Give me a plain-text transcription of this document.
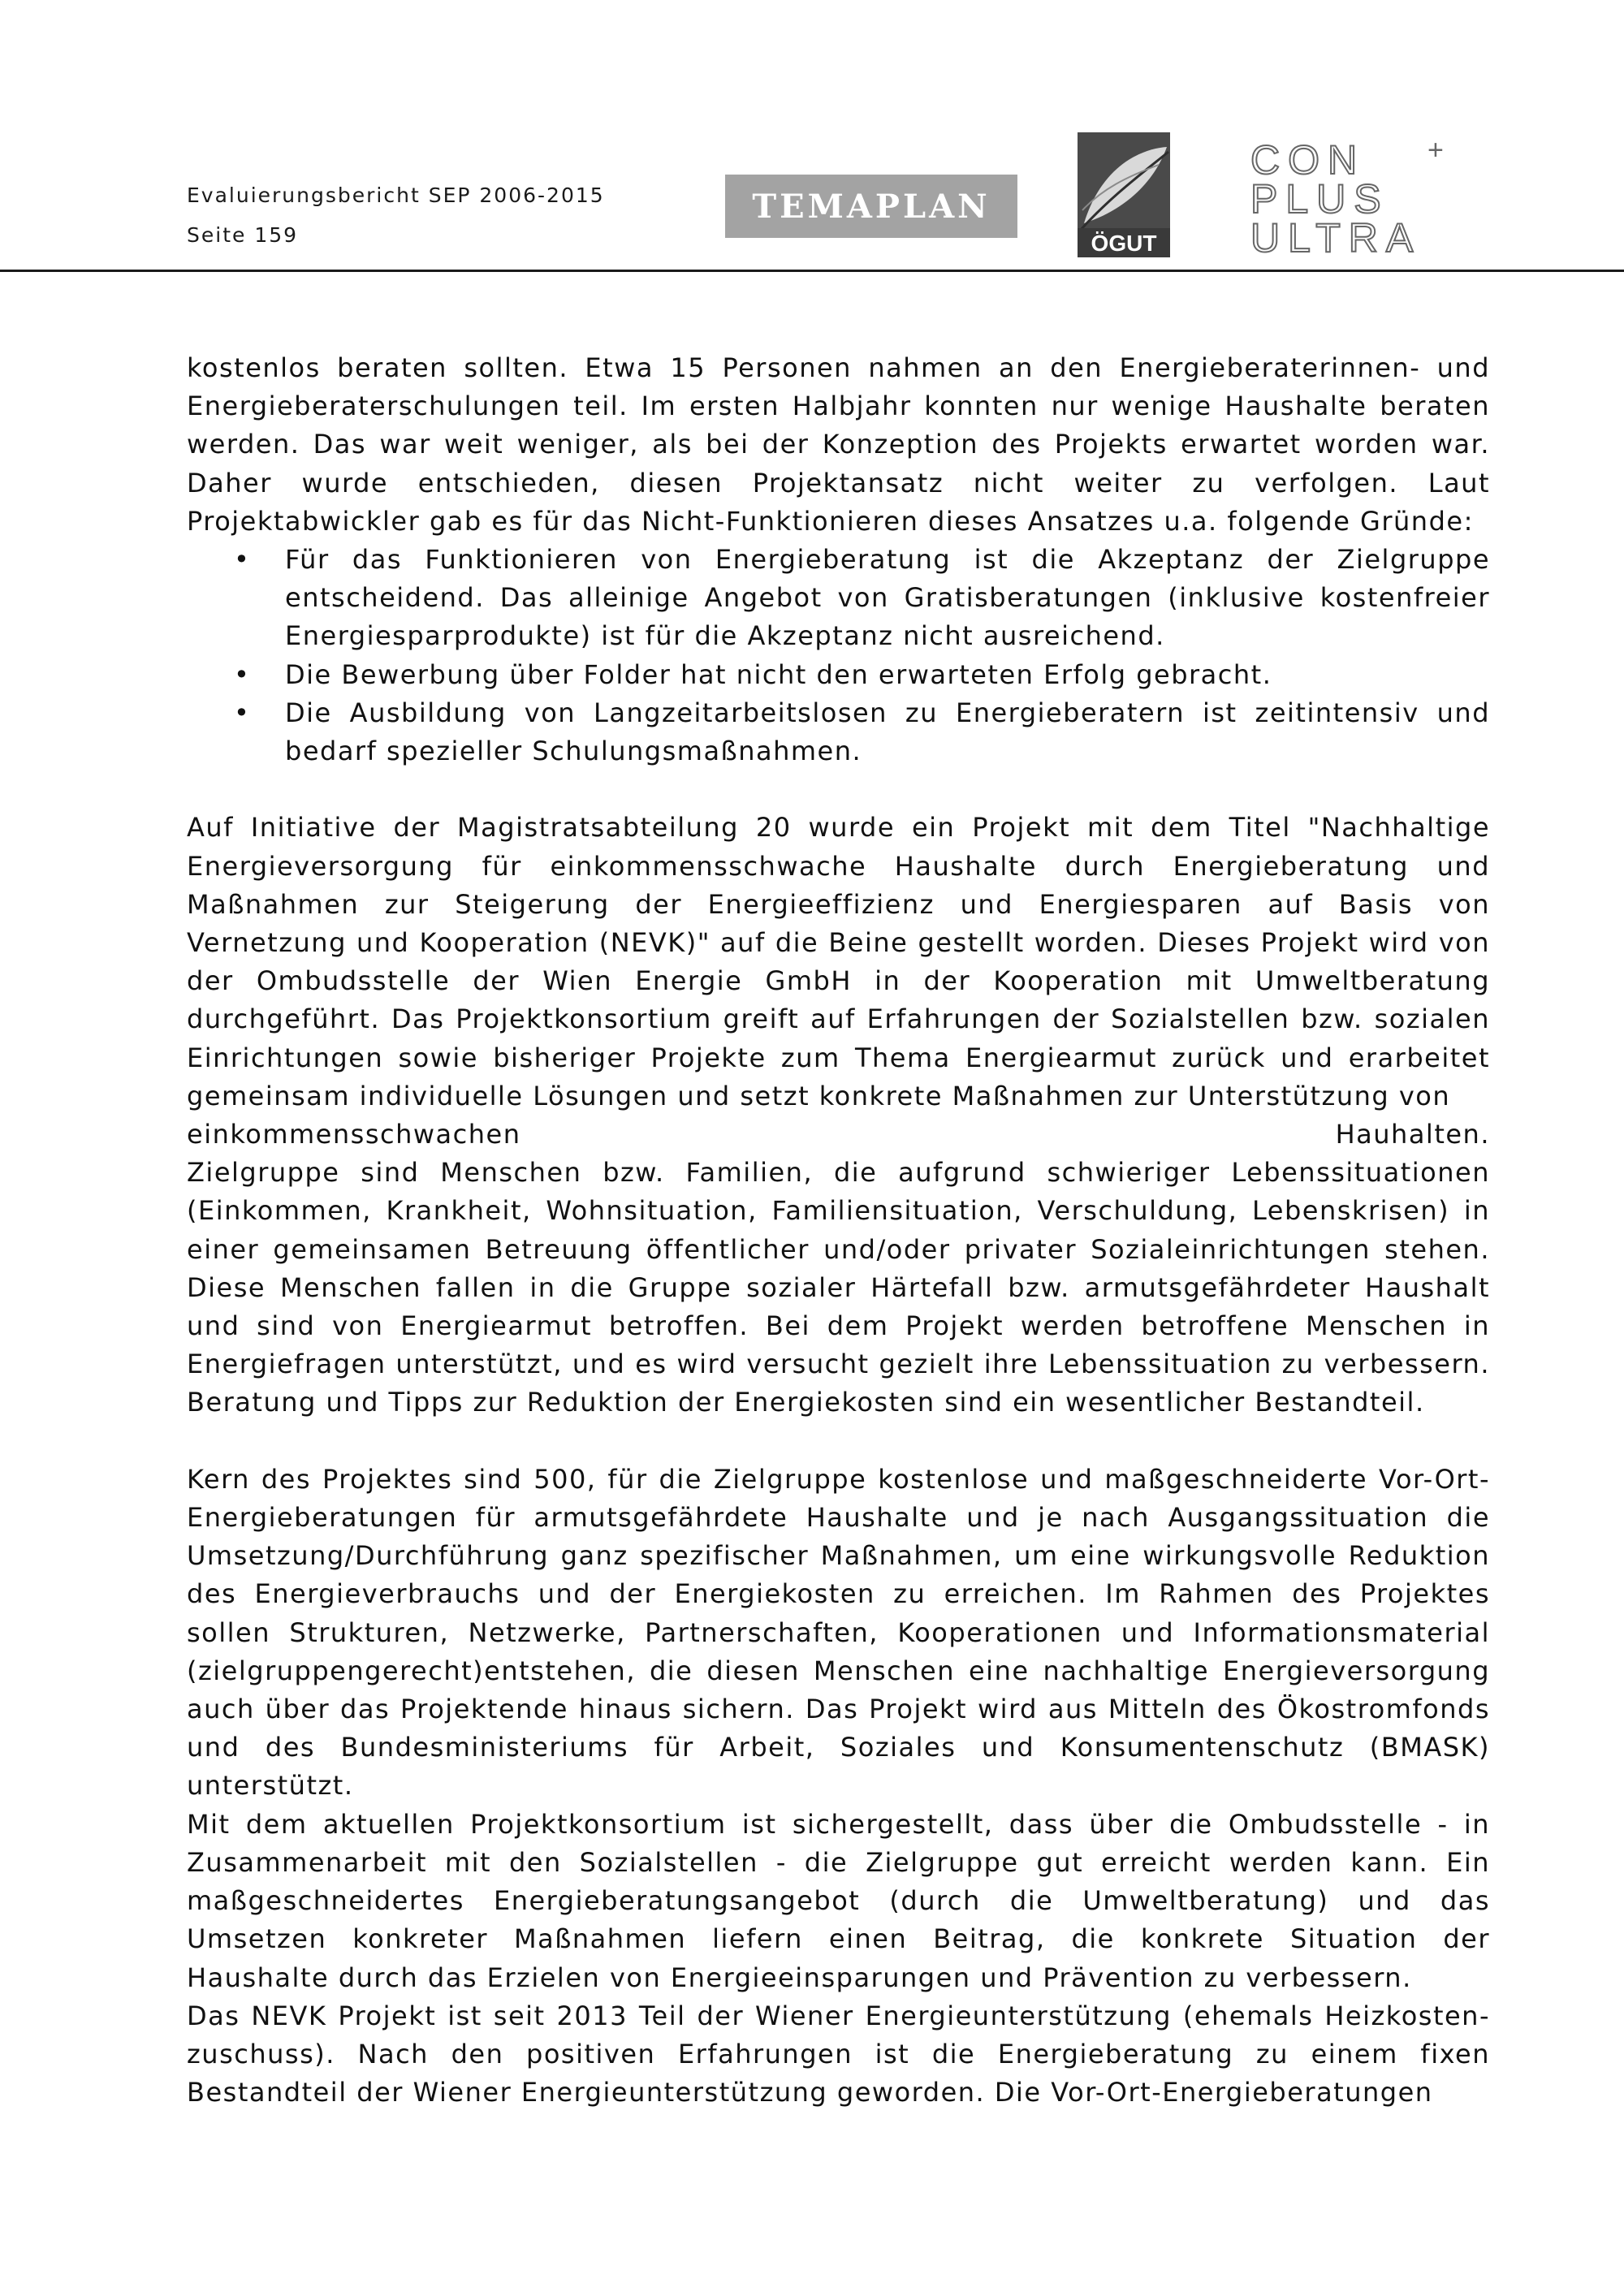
Evaluierungsbericht SEP 2006-2015
Seite 159
TEMAPLAN
ÖGUT
CON
PLUS
ULTRA
+

kostenlos beraten sollten. Etwa 15 Personen nahmen an den Energieberaterinnen- und Energieberaterschulungen teil. Im ersten Halbjahr konnten nur wenige Haushalte beraten werden. Das war weit weniger, als bei der Konzeption des Projekts erwartet worden war. Daher wurde entschieden, diesen Projektansatz nicht weiter zu verfolgen. Laut Projektabwickler gab es für das Nicht-Funktionieren dieses Ansatzes u.a. folgende Gründe:

• Für das Funktionieren von Energieberatung ist die Akzeptanz der Zielgruppe entscheidend. Das alleinige Angebot von Gratisberatungen (inklusive kostenfreier Energiesparprodukte) ist für die Akzeptanz nicht ausreichend.
• Die Bewerbung über Folder hat nicht den erwarteten Erfolg gebracht.
• Die Ausbildung von Langzeitarbeitslosen zu Energieberatern ist zeitintensiv und bedarf spezieller Schulungsmaßnahmen.

Auf Initiative der Magistratsabteilung 20 wurde ein Projekt mit dem Titel "Nachhaltige Energieversorgung für einkommensschwache Haushalte durch Energieberatung und Maßnahmen zur Steigerung der Energieeffizienz und Energiesparen auf Basis von Vernetzung und Kooperation (NEVK)" auf die Beine gestellt worden. Dieses Projekt wird von der Ombudsstelle der Wien Energie GmbH in der Kooperation mit Umweltberatung durchgeführt. Das Projektkonsortium greift auf Erfahrungen der Sozialstellen bzw. sozialen Einrichtungen sowie bisheriger Projekte zum Thema Energiearmut zurück und erarbeitet gemeinsam individuelle Lösungen und setzt konkrete Maßnahmen zur Unterstützung von

einkommensschwachen	Hauhalten.

Zielgruppe sind Menschen bzw. Familien, die aufgrund schwieriger Lebenssituationen (Einkommen, Krankheit, Wohnsituation, Familiensituation, Verschuldung, Lebenskrisen) in einer gemeinsamen Betreuung öffentlicher und/oder privater Sozialeinrichtungen stehen. Diese Menschen fallen in die Gruppe sozialer Härtefall bzw. armutsgefährdeter Haushalt und sind von Energiearmut betroffen. Bei dem Projekt werden betroffene Menschen in Energiefragen unterstützt, und es wird versucht gezielt ihre Lebenssituation zu verbessern. Beratung und Tipps zur Reduktion der Energiekosten sind ein wesentlicher Bestandteil.

Kern des Projektes sind 500, für die Zielgruppe kostenlose und maßgeschneiderte Vor-Ort-Energieberatungen für armutsgefährdete Haushalte und je nach Ausgangssituation die Umsetzung/Durchführung ganz spezifischer Maßnahmen, um eine wirkungsvolle Reduktion des Energieverbrauchs und der Energiekosten zu erreichen. Im Rahmen des Projektes sollen Strukturen, Netzwerke, Partnerschaften, Kooperationen und Informationsmaterial (zielgruppengerecht)entstehen, die diesen Menschen eine nachhaltige Energieversorgung auch über das Projektende hinaus sichern. Das Projekt wird aus Mitteln des Ökostromfonds und des Bundesministeriums für Arbeit, Soziales und Konsumentenschutz (BMASK) unterstützt.

Mit dem aktuellen Projektkonsortium ist sichergestellt, dass über die Ombudsstelle - in Zusammenarbeit mit den Sozialstellen - die Zielgruppe gut erreicht werden kann. Ein maßgeschneidertes Energieberatungsangebot (durch die Umweltberatung) und das Umsetzen konkreter Maßnahmen liefern einen Beitrag, die konkrete Situation der Haushalte durch das Erzielen von Energieeinsparungen und Prävention zu verbessern.

Das NEVK Projekt ist seit 2013 Teil der Wiener Energieunterstützung (ehemals Heizkosten-zuschuss). Nach den positiven Erfahrungen ist die Energieberatung zu einem fixen Bestandteil der Wiener Energieunterstützung geworden. Die Vor-Ort-Energieberatungen
